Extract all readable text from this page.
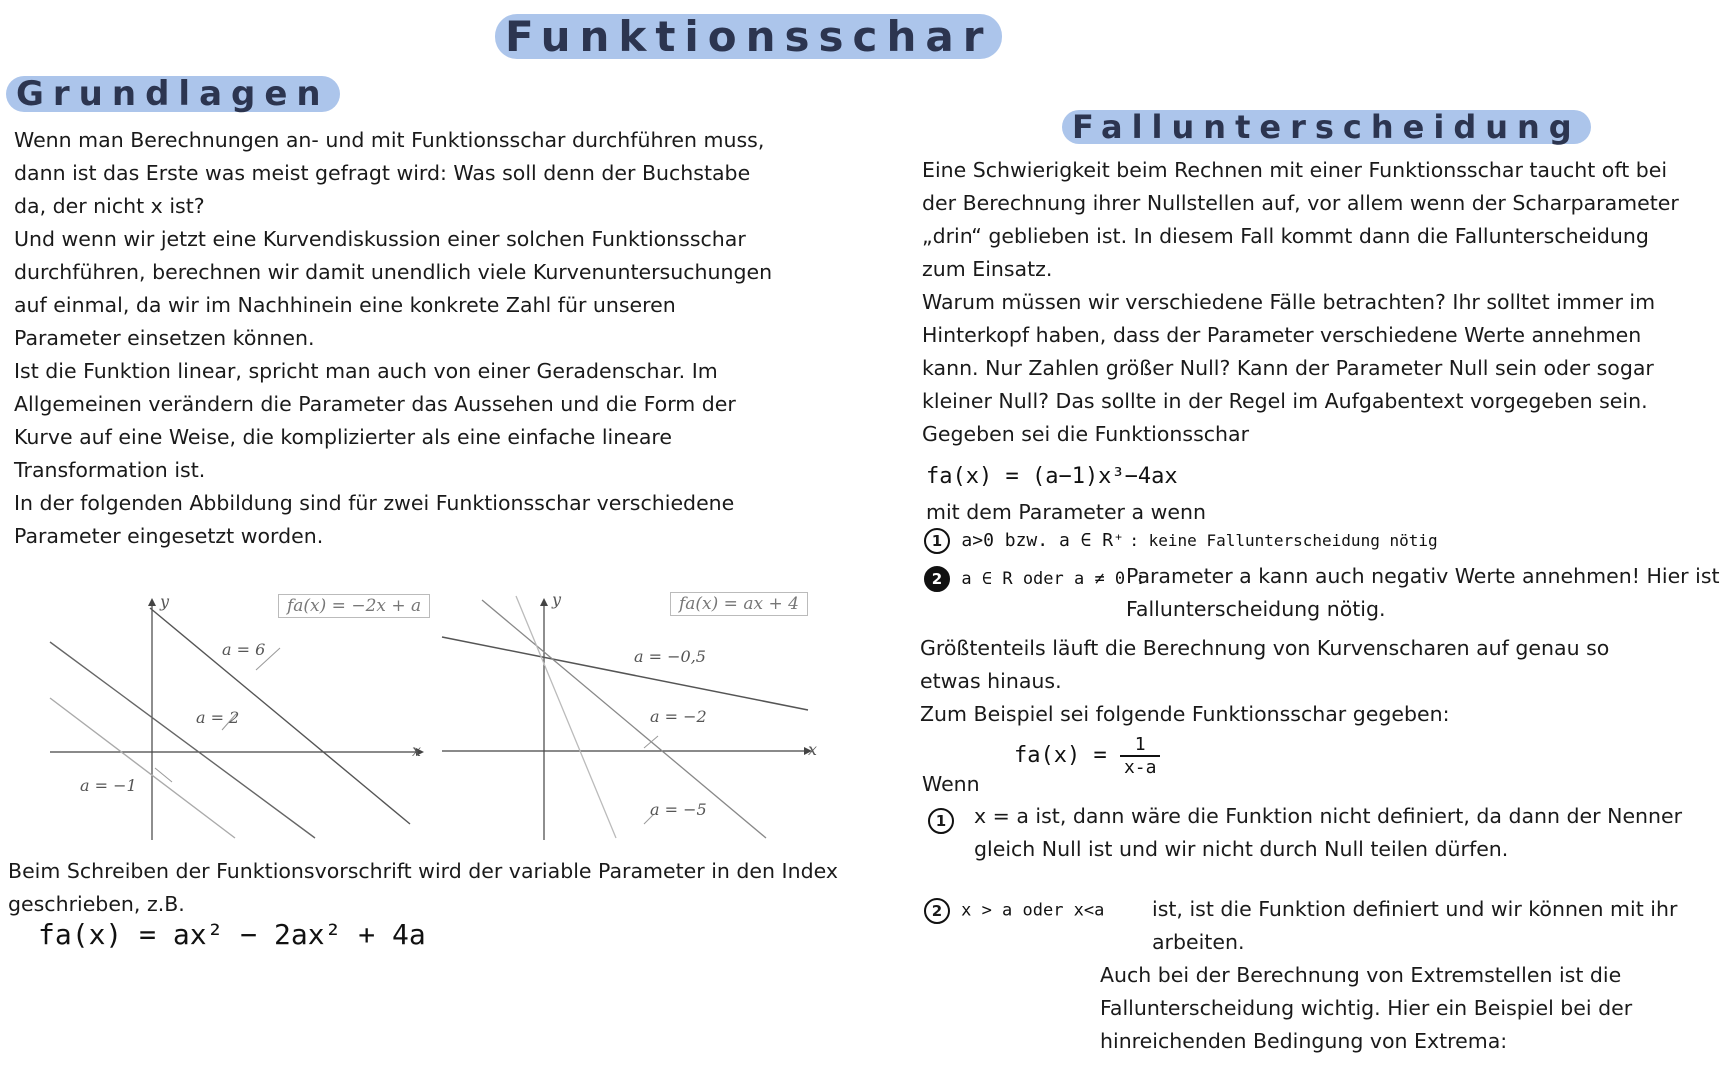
Funktionsschar
Grundlagen

Wenn man Berechnungen an- und mit Funktionsschar durchführen muss,

dann ist das Erste was meist gefragt wird: Was soll denn der Buchstabe

da, der nicht x ist?

Und wenn wir jetzt eine Kurvendiskussion einer solchen Funktionsschar

durchführen, berechnen wir damit unendlich viele Kurvenuntersuchungen

auf einmal, da wir im Nachhinein eine konkrete Zahl für unseren

Parameter einsetzen können.

Ist die Funktion linear, spricht man auch von einer Geradenschar. Im

Allgemeinen verändern die Parameter das Aussehen und die Form der

Kurve auf eine Weise, die komplizierter als eine einfache lineare

Transformation ist.

In der folgenden Abbildung sind für zwei Funktionsschar verschiedene

Parameter eingesetzt worden.

y
x
fa(x) = −2x + a
a = 6
a = 2
a = −1
y
x
fa(x) = ax + 4
a = −0,5
a = −2
a = −5

Beim Schreiben der Funktionsvorschrift wird der variable Parameter in den Index

geschrieben, z.B.

fa(x) = ax² − 2ax² + 4a
Fallunterscheidung

Eine Schwierigkeit beim Rechnen mit einer Funktionsschar taucht oft bei

der Berechnung ihrer Nullstellen auf, vor allem wenn der Scharparameter

„drin“ geblieben ist. In diesem Fall kommt dann die Fallunterscheidung

zum Einsatz.

Warum müssen wir verschiedene Fälle betrachten? Ihr solltet immer im

Hinterkopf haben, dass der Parameter verschiedene Werte annehmen

kann. Nur Zahlen größer Null? Kann der Parameter Null sein oder sogar

kleiner Null? Das sollte in der Regel im Aufgabentext vorgegeben sein.

Gegeben sei die Funktionsschar

fa(x) = (a−1)x³−4ax
mit dem Parameter a wenn
1 a>0 bzw. a ∈ R⁺ : keine Fallunterscheidung nötig
2 a ∈ R oder a ≠ 0 :

Parameter a kann auch negativ Werte annehmen! Hier ist

Fallunterscheidung nötig.

Größtenteils läuft die Berechnung von Kurvenscharen auf genau so

etwas hinaus.

Zum Beispiel sei folgende Funktionsschar gegeben:

$fa(x) = \frac{1}{x-a}$
Wenn
1	x = a ist, dann wäre die Funktion nicht definiert, da dann der Nenner

gleich Null ist und wir nicht durch Null teilen dürfen.

2 x > a oder x<a ist, ist die Funktion definiert und wir können mit ihr

arbeiten.

Auch bei der Berechnung von Extremstellen ist die

Fallunterscheidung wichtig. Hier ein Beispiel bei der

hinreichenden Bedingung von Extrema:
